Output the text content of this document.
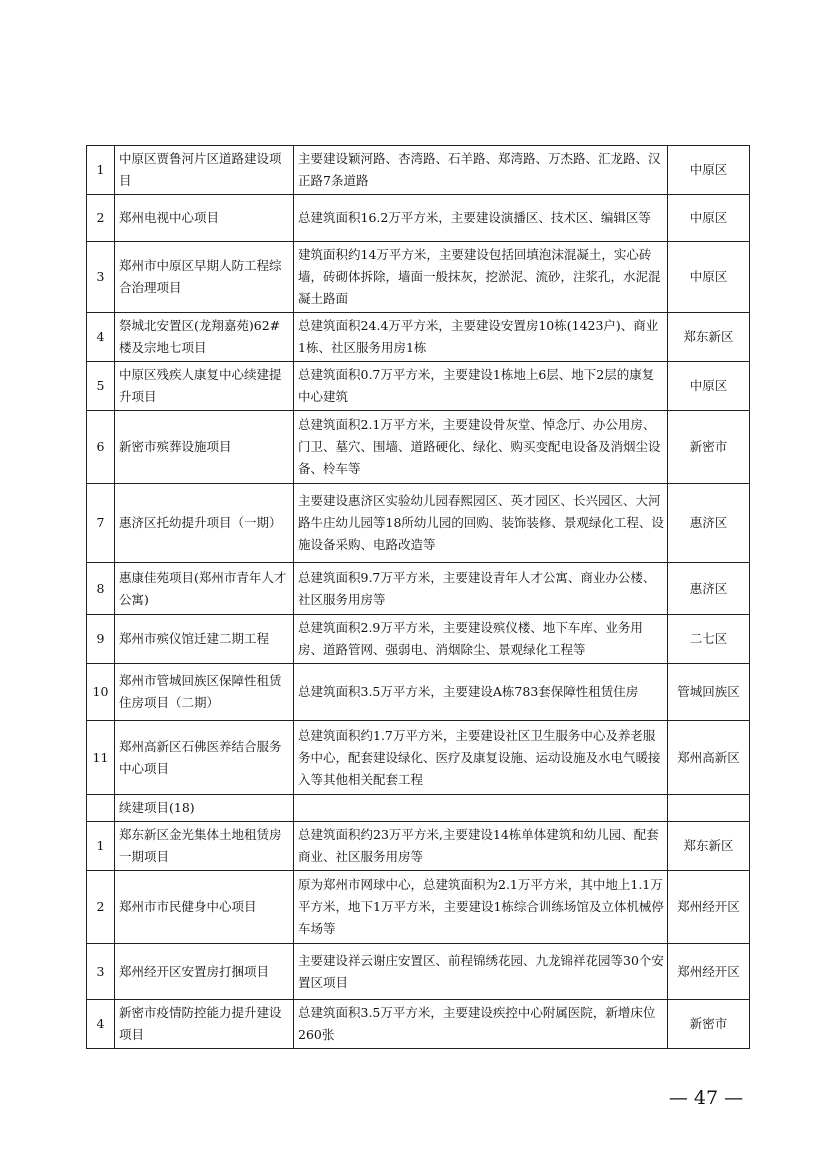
1	中原区贾鲁河片区道路建设项目	主要建设颖河路、杏湾路、石羊路、郑湾路、万杰路、汇龙路、汉正路7条道路	中原区
2	郑州电视中心项目	总建筑面积16.2万平方米，主要建设演播区、技术区、编辑区等	中原区
3	郑州市中原区早期人防工程综合治理项目	建筑面积约14万平方米，主要建设包括回填泡沫混凝土，实心砖墙，砖砌体拆除，墙面一般抹灰，挖淤泥、流砂，注浆孔，水泥混凝土路面	中原区
4	祭城北安置区(龙翔嘉苑)62#楼及宗地七项目	总建筑面积24.4万平方米，主要建设安置房10栋(1423户)、商业1栋、社区服务用房1栋	郑东新区
5	中原区残疾人康复中心续建提升项目	总建筑面积0.7万平方米，主要建设1栋地上6层、地下2层的康复中心建筑	中原区
6	新密市殡葬设施项目	总建筑面积2.1万平方米，主要建设骨灰堂、悼念厅、办公用房、门卫、墓穴、围墙、道路硬化、绿化、购买变配电设备及消烟尘设备、柃车等	新密市
7	惠济区托幼提升项目（一期）	主要建设惠济区实验幼儿园春熙园区、英才园区、长兴园区、大河路牛庄幼儿园等18所幼儿园的回购、装饰装修、景观绿化工程、设施设备采购、电路改造等	惠济区
8	惠康佳苑项目(郑州市青年人才公寓)	总建筑面积9.7万平方米，主要建设青年人才公寓、商业办公楼、社区服务用房等	惠济区
9	郑州市殡仪馆迁建二期工程	总建筑面积2.9万平方米，主要建设殡仪楼、地下车库、业务用房、道路管网、强弱电、消烟除尘、景观绿化工程等	二七区
10	郑州市管城回族区保障性租赁住房项目（二期）	总建筑面积3.5万平方米，主要建设A栋783套保障性租赁住房	管城回族区
11	郑州高新区石佛医养结合服务中心项目	总建筑面积约1.7万平方米，主要建设社区卫生服务中心及养老服务中心，配套建设绿化、医疗及康复设施、运动设施及水电气暖接入等其他相关配套工程	郑州高新区
	续建项目(18)		
1	郑东新区金光集体土地租赁房一期项目	总建筑面积约23万平方米,主要建设14栋单体建筑和幼儿园、配套商业、社区服务用房等	郑东新区
2	郑州市市民健身中心项目	原为郑州市网球中心，总建筑面积为2.1万平方米，其中地上1.1万平方米，地下1万平方米，主要建设1栋综合训练场馆及立体机械停车场等	郑州经开区
3	郑州经开区安置房打捆项目	主要建设祥云谢庄安置区、前程锦绣花园、九龙锦祥花园等30个安置区项目	郑州经开区
4	新密市疫情防控能力提升建设项目	总建筑面积3.5万平方米，主要建设疾控中心附属医院，新增床位260张	新密市
— 47 —
